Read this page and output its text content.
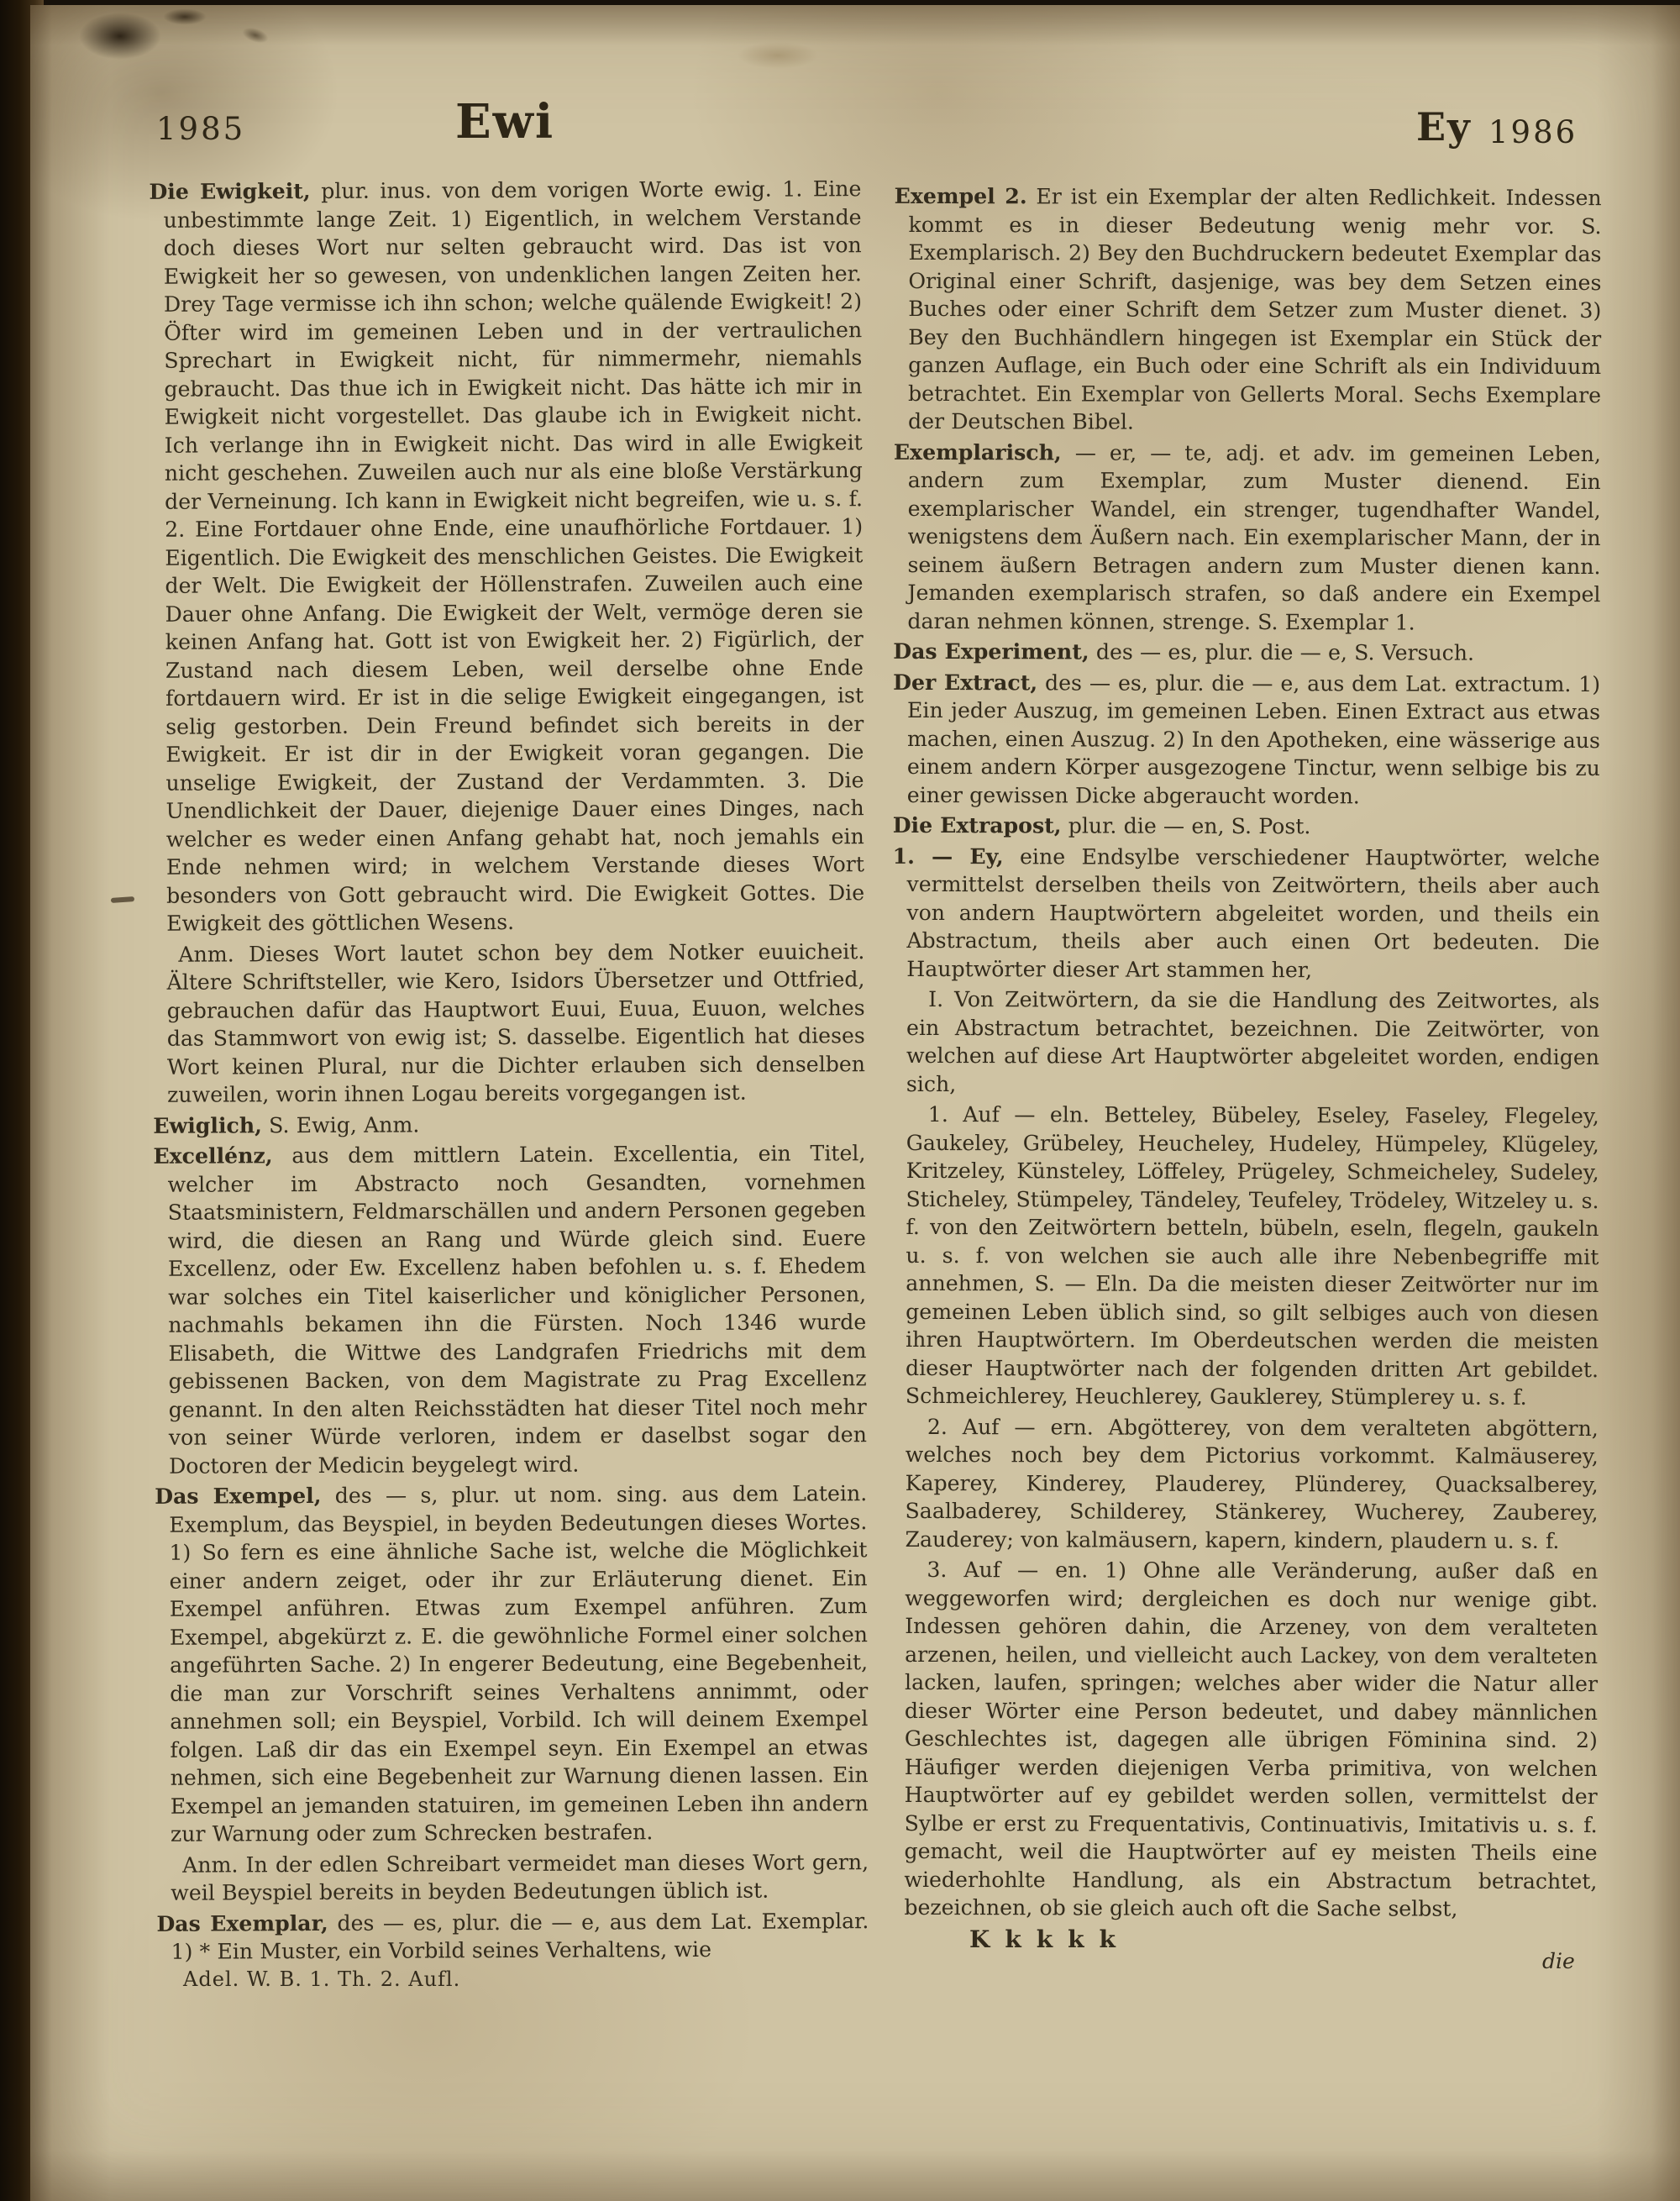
1985	Ewi	Ey 1986

Die Ewigkeit, plur. inus. von dem vorigen Worte ewig. 1. Eine unbestimmte lange Zeit. 1) Eigentlich, in welchem Verstande doch dieses Wort nur selten gebraucht wird. Das ist von Ewigkeit her so gewesen, von undenklichen langen Zeiten her. Drey Tage vermisse ich ihn schon; welche quälende Ewigkeit! 2) Öfter wird im gemeinen Leben und in der vertraulichen Sprechart in Ewigkeit nicht, für nimmermehr, niemahls gebraucht. Das thue ich in Ewigkeit nicht. Das hätte ich mir in Ewigkeit nicht vorgestellet. Das glaube ich in Ewigkeit nicht. Ich verlange ihn in Ewigkeit nicht. Das wird in alle Ewigkeit nicht geschehen. Zuweilen auch nur als eine bloße Verstärkung der Verneinung. Ich kann in Ewigkeit nicht begreifen, wie u. s. f. 2. Eine Fortdauer ohne Ende, eine unaufhörliche Fortdauer. 1) Eigentlich. Die Ewigkeit des menschlichen Geistes. Die Ewigkeit der Welt. Die Ewigkeit der Höllenstrafen. Zuweilen auch eine Dauer ohne Anfang. Die Ewigkeit der Welt, vermöge deren sie keinen Anfang hat. Gott ist von Ewigkeit her. 2) Figürlich, der Zustand nach diesem Leben, weil derselbe ohne Ende fortdauern wird. Er ist in die selige Ewigkeit eingegangen, ist selig gestorben. Dein Freund befindet sich bereits in der Ewigkeit. Er ist dir in der Ewigkeit voran gegangen. Die unselige Ewigkeit, der Zustand der Verdammten. 3. Die Unendlichkeit der Dauer, diejenige Dauer eines Dinges, nach welcher es weder einen Anfang gehabt hat, noch jemahls ein Ende nehmen wird; in welchem Verstande dieses Wort besonders von Gott gebraucht wird. Die Ewigkeit Gottes. Die Ewigkeit des göttlichen Wesens.

Anm. Dieses Wort lautet schon bey dem Notker euuicheit. Ältere Schriftsteller, wie Kero, Isidors Übersetzer und Ottfried, gebrauchen dafür das Hauptwort Euui, Euua, Euuon, welches das Stammwort von ewig ist; S. dasselbe. Eigentlich hat dieses Wort keinen Plural, nur die Dichter erlauben sich denselben zuweilen, worin ihnen Logau bereits vorgegangen ist.

Ewiglich, S. Ewig, Anm.

Excellénz, aus dem mittlern Latein. Excellentia, ein Titel, welcher im Abstracto noch Gesandten, vornehmen Staatsministern, Feldmarschällen und andern Personen gegeben wird, die diesen an Rang und Würde gleich sind. Euere Excellenz, oder Ew. Excellenz haben befohlen u. s. f. Ehedem war solches ein Titel kaiserlicher und königlicher Personen, nachmahls bekamen ihn die Fürsten. Noch 1346 wurde Elisabeth, die Wittwe des Landgrafen Friedrichs mit dem gebissenen Backen, von dem Magistrate zu Prag Excellenz genannt. In den alten Reichsstädten hat dieser Titel noch mehr von seiner Würde verloren, indem er daselbst sogar den Doctoren der Medicin beygelegt wird.

Das Exempel, des — s, plur. ut nom. sing. aus dem Latein. Exemplum, das Beyspiel, in beyden Bedeutungen dieses Wortes. 1) So fern es eine ähnliche Sache ist, welche die Möglichkeit einer andern zeiget, oder ihr zur Erläuterung dienet. Ein Exempel anführen. Etwas zum Exempel anführen. Zum Exempel, abgekürzt z. E. die gewöhnliche Formel einer solchen angeführten Sache. 2) In engerer Bedeutung, eine Begebenheit, die man zur Vorschrift seines Verhaltens annimmt, oder annehmen soll; ein Beyspiel, Vorbild. Ich will deinem Exempel folgen. Laß dir das ein Exempel seyn. Ein Exempel an etwas nehmen, sich eine Begebenheit zur Warnung dienen lassen. Ein Exempel an jemanden statuiren, im gemeinen Leben ihn andern zur Warnung oder zum Schrecken bestrafen.

Anm. In der edlen Schreibart vermeidet man dieses Wort gern, weil Beyspiel bereits in beyden Bedeutungen üblich ist.

Das Exemplar, des — es, plur. die — e, aus dem Lat. Exemplar. 1) * Ein Muster, ein Vorbild seines Verhaltens, wie

Exempel 2. Er ist ein Exemplar der alten Redlichkeit. Indessen kommt es in dieser Bedeutung wenig mehr vor. S. Exemplarisch. 2) Bey den Buchdruckern bedeutet Exemplar das Original einer Schrift, dasjenige, was bey dem Setzen eines Buches oder einer Schrift dem Setzer zum Muster dienet. 3) Bey den Buchhändlern hingegen ist Exemplar ein Stück der ganzen Auflage, ein Buch oder eine Schrift als ein Individuum betrachtet. Ein Exemplar von Gellerts Moral. Sechs Exemplare der Deutschen Bibel.

Exemplarisch, — er, — te, adj. et adv. im gemeinen Leben, andern zum Exemplar, zum Muster dienend. Ein exemplarischer Wandel, ein strenger, tugendhafter Wandel, wenigstens dem Äußern nach. Ein exemplarischer Mann, der in seinem äußern Betragen andern zum Muster dienen kann. Jemanden exemplarisch strafen, so daß andere ein Exempel daran nehmen können, strenge. S. Exemplar 1.

Das Experiment, des — es, plur. die — e, S. Versuch.

Der Extract, des — es, plur. die — e, aus dem Lat. extractum. 1) Ein jeder Auszug, im gemeinen Leben. Einen Extract aus etwas machen, einen Auszug. 2) In den Apotheken, eine wässerige aus einem andern Körper ausgezogene Tinctur, wenn selbige bis zu einer gewissen Dicke abgeraucht worden.

Die Extrapost, plur. die — en, S. Post.

1. — Ey, eine Endsylbe verschiedener Hauptwörter, welche vermittelst derselben theils von Zeitwörtern, theils aber auch von andern Hauptwörtern abgeleitet worden, und theils ein Abstractum, theils aber auch einen Ort bedeuten. Die Hauptwörter dieser Art stammen her,

I. Von Zeitwörtern, da sie die Handlung des Zeitwortes, als ein Abstractum betrachtet, bezeichnen. Die Zeitwörter, von welchen auf diese Art Hauptwörter abgeleitet worden, endigen sich,

1. Auf — eln. Betteley, Bübeley, Eseley, Faseley, Flegeley, Gaukeley, Grübeley, Heucheley, Hudeley, Hümpeley, Klügeley, Kritzeley, Künsteley, Löffeley, Prügeley, Schmeicheley, Sudeley, Sticheley, Stümpeley, Tändeley, Teufeley, Trödeley, Witzeley u. s. f. von den Zeitwörtern betteln, bübeln, eseln, flegeln, gaukeln u. s. f. von welchen sie auch alle ihre Nebenbegriffe mit annehmen, S. — Eln. Da die meisten dieser Zeitwörter nur im gemeinen Leben üblich sind, so gilt selbiges auch von diesen ihren Hauptwörtern. Im Oberdeutschen werden die meisten dieser Hauptwörter nach der folgenden dritten Art gebildet. Schmeichlerey, Heuchlerey, Gauklerey, Stümplerey u. s. f.

2. Auf — ern. Abgötterey, von dem veralteten abgöttern, welches noch bey dem Pictorius vorkommt. Kalmäuserey, Kaperey, Kinderey, Plauderey, Plünderey, Quacksalberey, Saalbaderey, Schilderey, Stänkerey, Wucherey, Zauberey, Zauderey; von kalmäusern, kapern, kindern, plaudern u. s. f.

3. Auf — en. 1) Ohne alle Veränderung, außer daß en weggeworfen wird; dergleichen es doch nur wenige gibt. Indessen gehören dahin, die Arzeney, von dem veralteten arzenen, heilen, und vielleicht auch Lackey, von dem veralteten lacken, laufen, springen; welches aber wider die Natur aller dieser Wörter eine Person bedeutet, und dabey männlichen Geschlechtes ist, dagegen alle übrigen Föminina sind. 2) Häufiger werden diejenigen Verba primitiva, von welchen Hauptwörter auf ey gebildet werden sollen, vermittelst der Sylbe er erst zu Frequentativis, Continuativis, Imitativis u. s. f. gemacht, weil die Hauptwörter auf ey meisten Theils eine wiederhohlte Handlung, als ein Abstractum betrachtet, bezeichnen, ob sie gleich auch oft die Sache selbst,

Adel. W. B. 1. Th. 2. Aufl.
Kkkkk
die
